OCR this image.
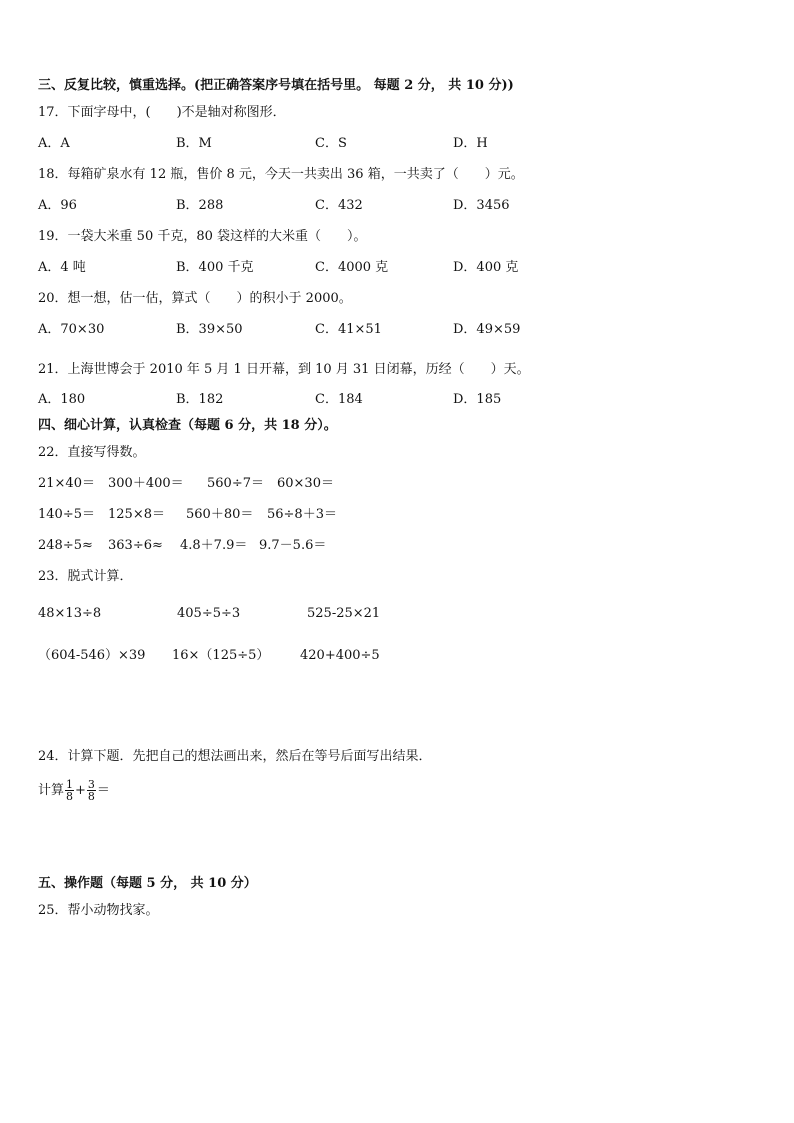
三、反复比较，慎重选择。(把正确答案序号填在括号里。 每题 2 分， 共 10 分))
17．下面字母中，(　　)不是轴对称图形．
A．A	B．M	C．S	D．H
18．每箱矿泉水有 12 瓶，售价 8 元，今天一共卖出 36 箱，一共卖了（　　）元。
A．96	B．288	C．432	D．3456
19．一袋大米重 50 千克，80 袋这样的大米重（　　）。
A．4 吨	B．400 千克	C．4000 克	D．400 克
20．想一想，估一估，算式（　　）的积小于 2000。
A．70×30	B．39×50	C．41×51	D．49×59
21．上海世博会于 2010 年 5 月 1 日开幕，到 10 月 31 日闭幕，历经（　　）天。
A．180	B．182	C．184	D．185
四、细心计算，认真检查（每题 6 分，共 18 分）。
22．直接写得数。
21×40＝ 300＋400＝ 560÷7＝ 60×30＝
140÷5＝ 125×8＝ 560＋80＝ 56÷8＋3＝
248÷5≈ 363÷6≈ 4.8＋7.9＝ 9.7－5.6＝
23．脱式计算．
48×13÷8	405÷5÷3	525-25×21
（604-546）×39 16×（125÷5） 420+400÷5
24．计算下题．先把自己的想法画出来，然后在等号后面写出结果．
计算 $\frac{1}{8} + \frac{3}{8}$ ＝
五、操作题（每题 5 分， 共 10 分）
25．帮小动物找家。
